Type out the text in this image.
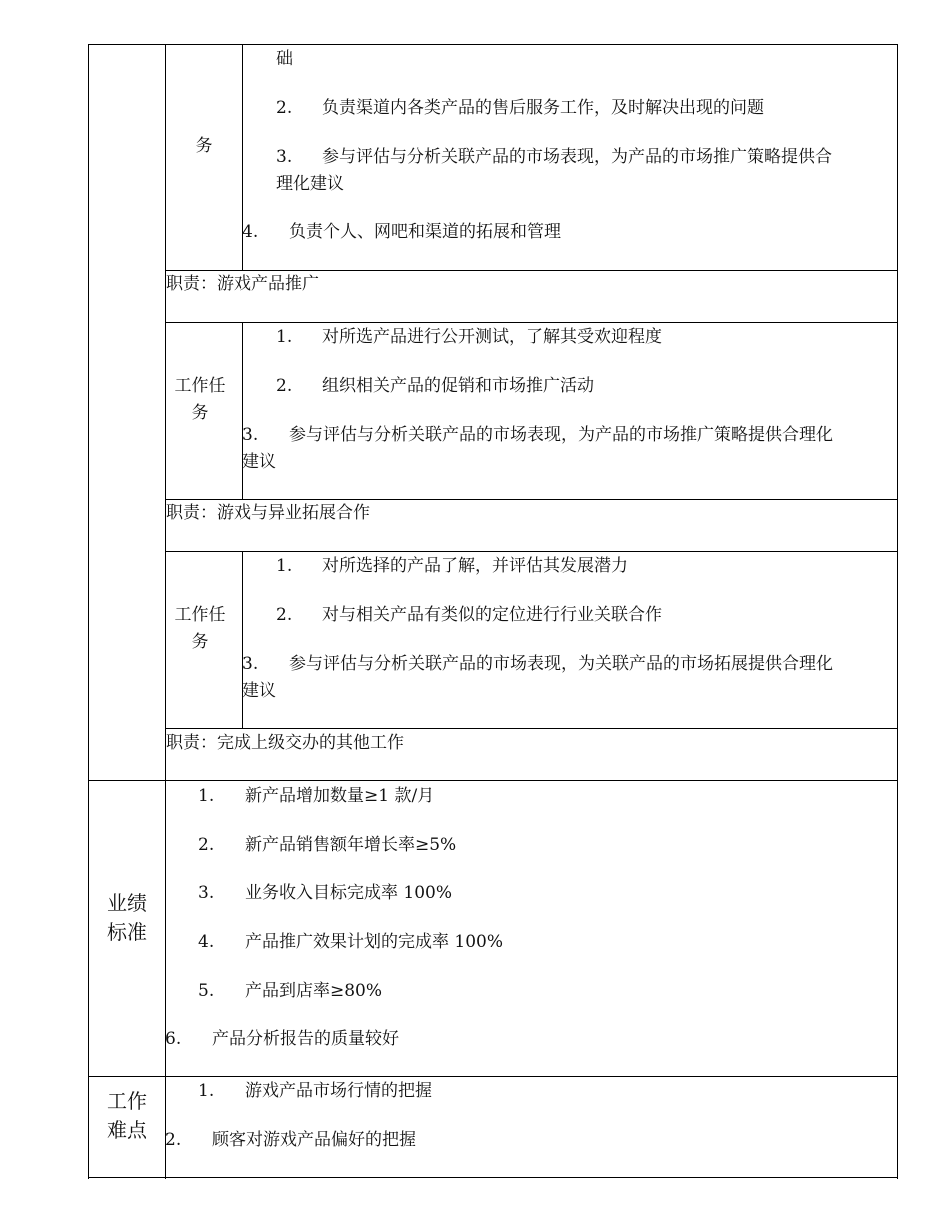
务
础
2. 负责渠道内各类产品的售后服务工作，及时解决出现的问题
3. 参与评估与分析关联产品的市场表现，为产品的市场推广策略提供合
理化建议
4. 负责个人、网吧和渠道的拓展和管理
职责：游戏产品推广
工作任务
1. 对所选产品进行公开测试，了解其受欢迎程度
2. 组织相关产品的促销和市场推广活动
3. 参与评估与分析关联产品的市场表现，为产品的市场推广策略提供合理化
建议
职责：游戏与异业拓展合作
工作任务
1. 对所选择的产品了解，并评估其发展潜力
2. 对与相关产品有类似的定位进行行业关联合作
3. 参与评估与分析关联产品的市场表现，为关联产品的市场拓展提供合理化
建议
职责：完成上级交办的其他工作
业绩标准
1. 新产品增加数量≥1 款/月
2. 新产品销售额年增长率≥5%
3. 业务收入目标完成率 100%
4. 产品推广效果计划的完成率 100%
5. 产品到店率≥80%
6. 产品分析报告的质量较好
工作难点
1. 游戏产品市场行情的把握
2. 顾客对游戏产品偏好的把握
